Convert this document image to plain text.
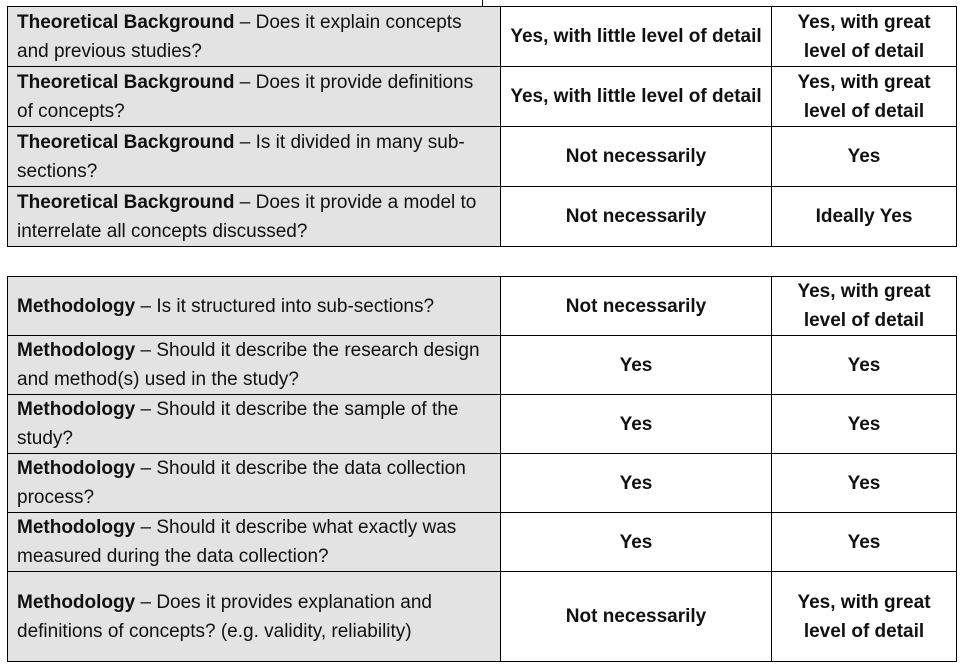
Theoretical Background – Does it explain concepts and previous studies?	Yes, with little level of detail	Yes, with great level of detail
Theoretical Background – Does it provide definitions of concepts?	Yes, with little level of detail	Yes, with great level of detail
Theoretical Background – Is it divided in many sub-sections?	Not necessarily	Yes
Theoretical Background – Does it provide a model to interrelate all concepts discussed?	Not necessarily	Ideally Yes
Methodology – Is it structured into sub-sections?	Not necessarily	Yes, with great level of detail
Methodology – Should it describe the research design and method(s) used in the study?	Yes	Yes
Methodology – Should it describe the sample of the study?	Yes	Yes
Methodology – Should it describe the data collection process?	Yes	Yes
Methodology – Should it describe what exactly was measured during the data collection?	Yes	Yes
Methodology – Does it provides explanation and definitions of concepts? (e.g. validity, reliability)	Not necessarily	Yes, with great level of detail
